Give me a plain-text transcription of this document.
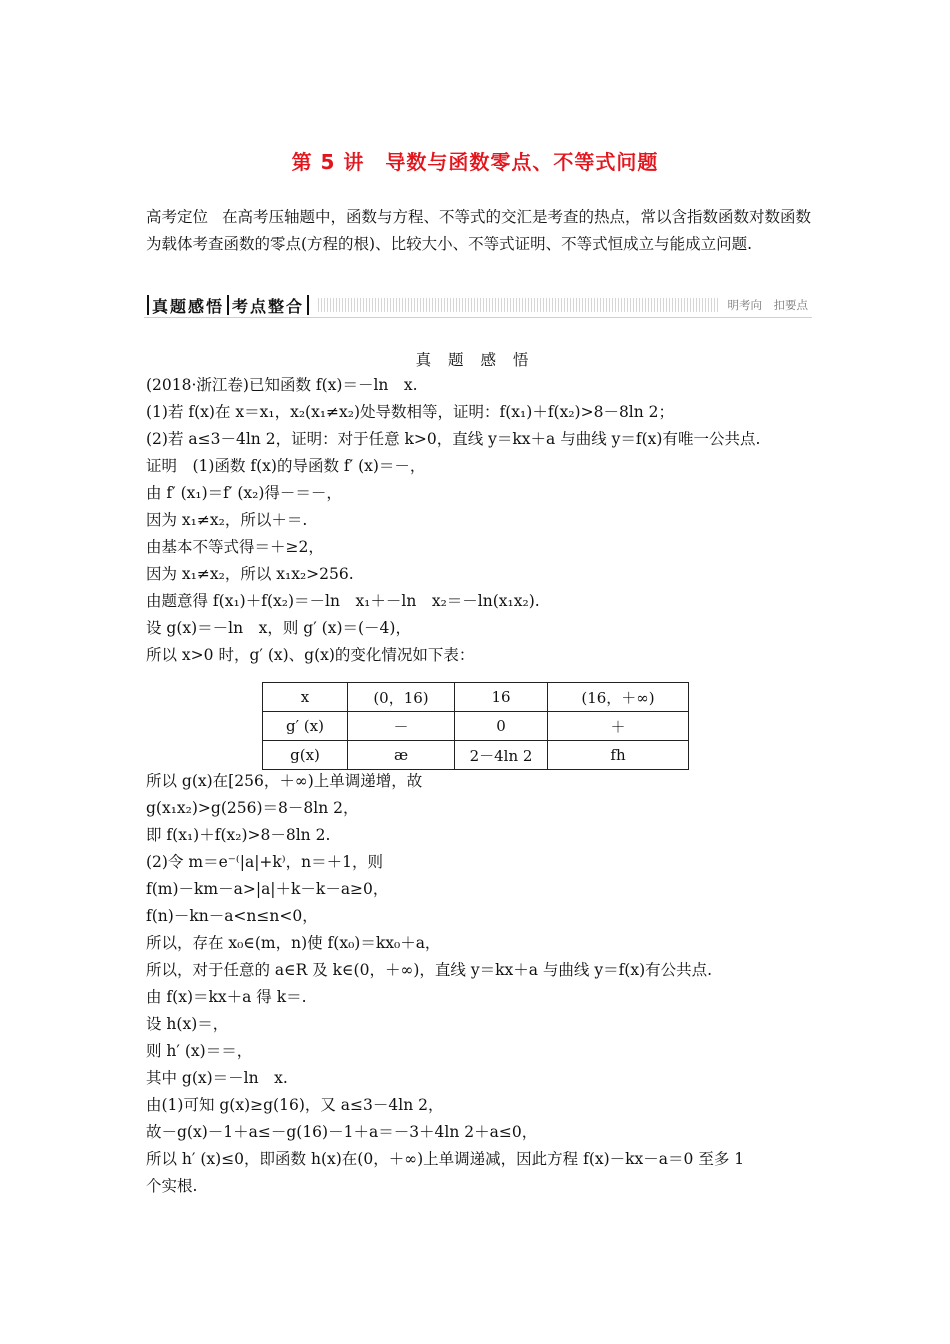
第 5 讲　导数与函数零点、不等式问题
高考定位 在高考压轴题中，函数与方程、不等式的交汇是考查的热点，常以含指数函数对数函数为载体考查函数的零点(方程的根)、比较大小、不等式证明、不等式恒成立与能成立问题.
真题感悟 考点整合	明考向　扣要点
真 题 感 悟
(2018·浙江卷)已知函数 f(x)＝－ln　x.
(1)若 f(x)在 x＝x₁，x₂(x₁≠x₂)处导数相等，证明：f(x₁)＋f(x₂)>8－8ln 2；
(2)若 a≤3－4ln 2，证明：对于任意 k>0，直线 y＝kx＋a 与曲线 y＝f(x)有唯一公共点.
证明　(1)函数 f(x)的导函数 f′ (x)＝－，
由 f′ (x₁)＝f′ (x₂)得－＝－，
因为 x₁≠x₂，所以＋＝.
由基本不等式得＝＋≥2，
因为 x₁≠x₂，所以 x₁x₂>256.
由题意得 f(x₁)＋f(x₂)＝－ln　x₁＋－ln　x₂＝－ln(x₁x₂).
设 g(x)＝－ln　x，则 g′ (x)＝(－4)，
所以 x>0 时，g′ (x)、g(x)的变化情况如下表：
x	(0，16)	16	(16，＋∞)
g′ (x)	－	0	＋
g(x)	æ	2－4ln 2	fh
所以 g(x)在[256，＋∞)上单调递增，故
g(x₁x₂)>g(256)＝8－8ln 2，
即 f(x₁)＋f(x₂)>8－8ln 2.
(2)令 m＝e⁻⁽|a|+k⁾，n＝＋1，则
f(m)－km－a>|a|＋k－k－a≥0，
f(n)－kn－a<n≤n<0，
所以，存在 x₀∈(m，n)使 f(x₀)＝kx₀＋a，
所以，对于任意的 a∈R 及 k∈(0，＋∞)，直线 y＝kx＋a 与曲线 y＝f(x)有公共点.
由 f(x)＝kx＋a 得 k＝.
设 h(x)＝，
则 h′ (x)＝＝，
其中 g(x)＝－ln　x.
由(1)可知 g(x)≥g(16)，又 a≤3－4ln 2，
故－g(x)－1＋a≤－g(16)－1＋a＝－3＋4ln 2＋a≤0，
所以 h′ (x)≤0，即函数 h(x)在(0，＋∞)上单调递减，因此方程 f(x)－kx－a＝0 至多 1
个实根.
